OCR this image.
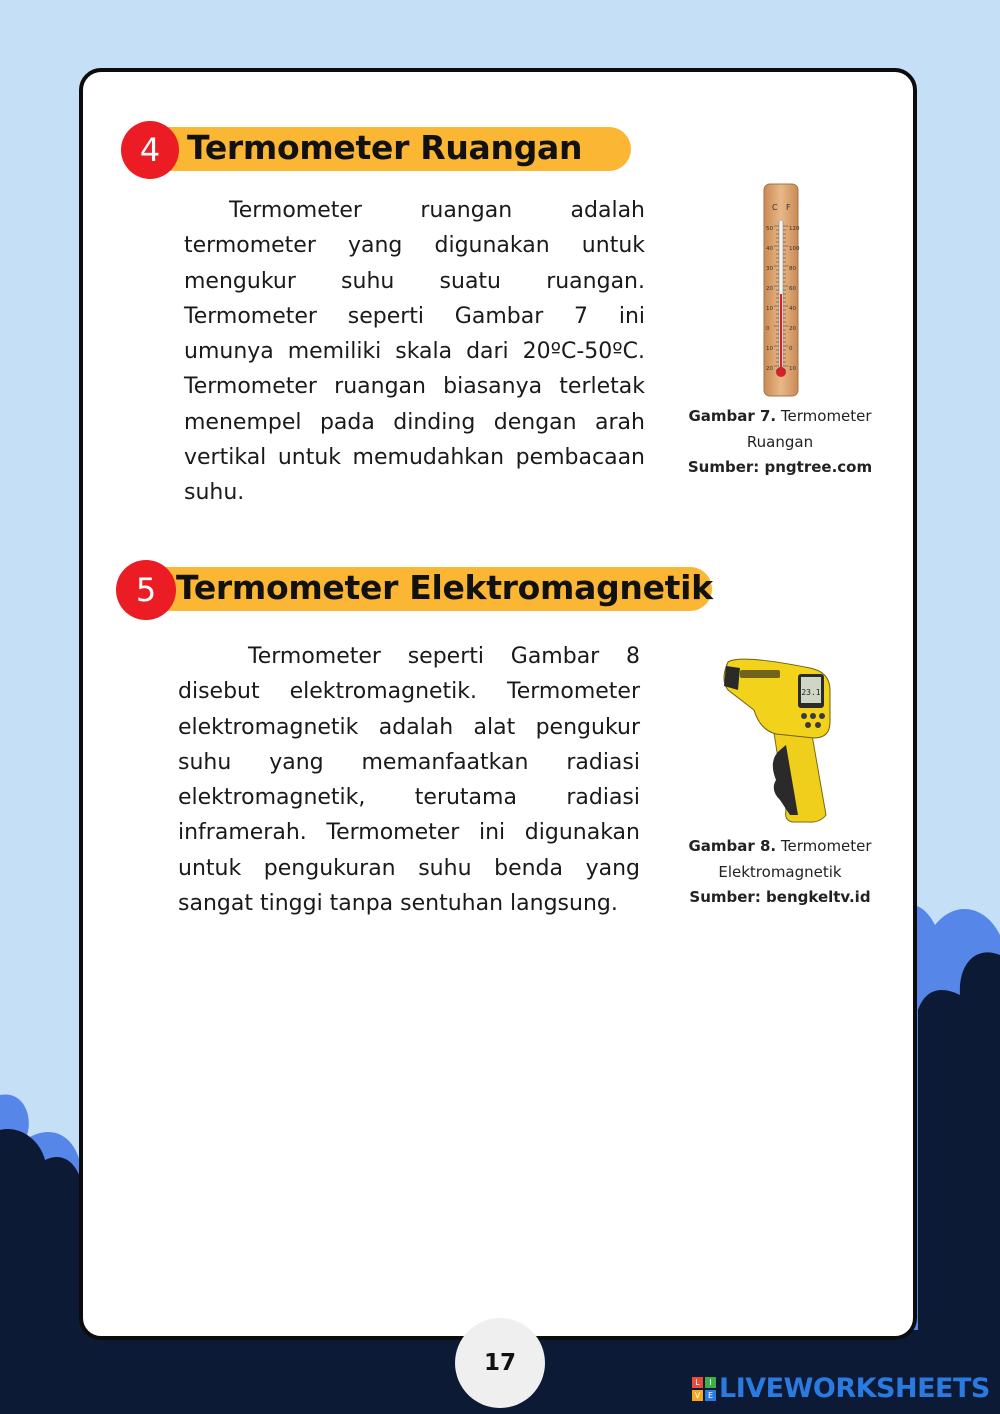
4 Termometer Ruangan

Termometer ruangan adalah termometer yang digunakan untuk mengukur suhu suatu ruangan. Termometer seperti Gambar 7 ini umunya memiliki skala dari 20ºC-50ºC. Termometer ruangan biasanya terletak menempel pada dinding dengan arah vertikal untuk memudahkan pembacaan suhu.

C F
50
40
30
20
10
0
10
20
120
100
80
60
40
20
0
10
Gambar 7. Termometer Ruangan
Sumber: pngtree.com
5 Termometer Elektromagnetik

Termometer seperti Gambar 8 disebut elektromagnetik. Termometer elektromagnetik adalah alat pengukur suhu yang memanfaatkan radiasi elektromagnetik, terutama radiasi inframerah. Termometer ini digunakan untuk pengukuran suhu benda yang sangat tinggi tanpa sentuhan langsung.

23.1
Gambar 8. Termometer Elektromagnetik
Sumber: bengkeltv.id
17
L	I
V E LIVEWORKSHEETS
